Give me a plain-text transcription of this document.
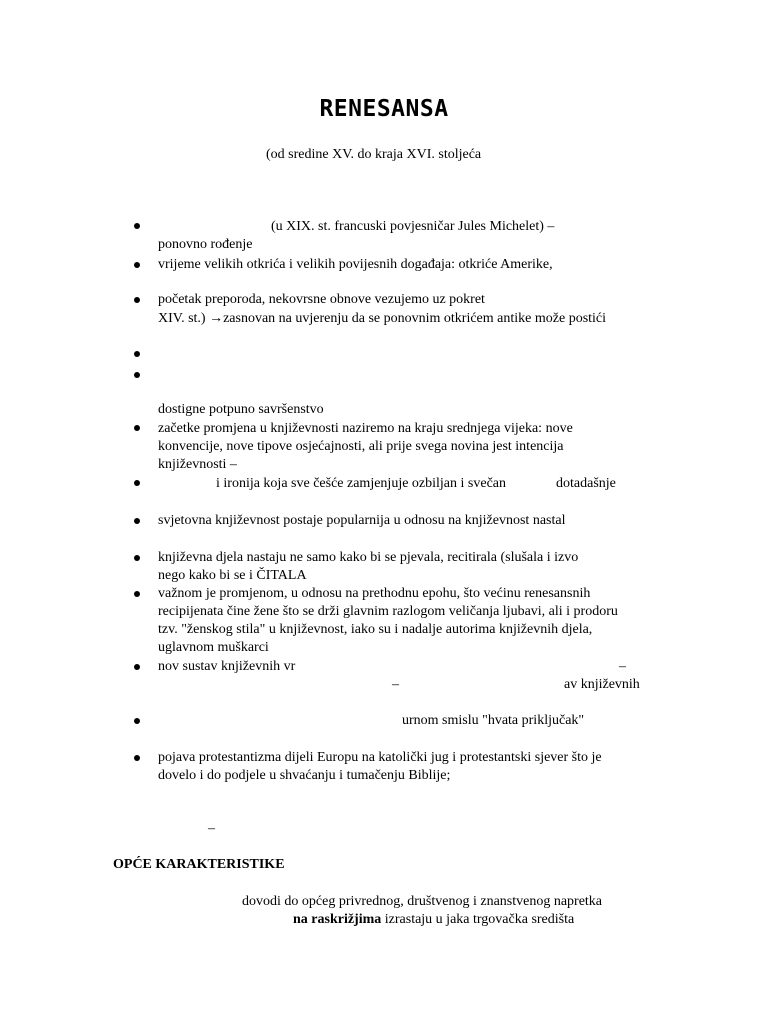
RENESANSA
(od sredine XV. do kraja XVI. stoljeća
(u XIX. st. francuski povjesničar Jules Michelet) –
ponovno rođenje
vrijeme velikih otkrića i velikih povijesnih događaja: otkriće Amerike,
početak preporoda, nekovrsne obnove vezujemo uz pokret
XIV. st.) →zasnovan na uvjerenju da se ponovnim otkrićem antike može postići
dostigne potpuno savršenstvo
začetke promjena u književnosti naziremo na kraju srednjega vijeka: nove
konvencije, nove tipove osjećajnosti, ali prije svega novina jest intencija
književnosti –
i ironija koja sve češće zamjenjuje ozbiljan i svečan	dotadašnje
svjetovna književnost postaje popularnija u odnosu na književnost nastal
književna djela nastaju ne samo kako bi se pjevala, recitirala (slušala i izvo
nego kako bi se i ČITALA
važnom je promjenom, u odnosu na prethodnu epohu, što većinu renesansnih
recipijenata čine žene što se drži glavnim razlogom veličanja ljubavi, ali i prodoru
tzv. "ženskog stila" u književnost, iako su i nadalje autorima književnih djela,
uglavnom muškarci
nov sustav književnih vr	–
–	av književnih
urnom smislu "hvata priključak"
pojava protestantizma dijeli Europu na katolički jug i protestantski sjever što je
dovelo i do podjele u shvaćanju i tumačenju Biblije;
–
OPĆE KARAKTERISTIKE
dovodi do općeg privrednog, društvenog i znanstvenog napretka
na raskrižjima izrastaju u jaka trgovačka središta
